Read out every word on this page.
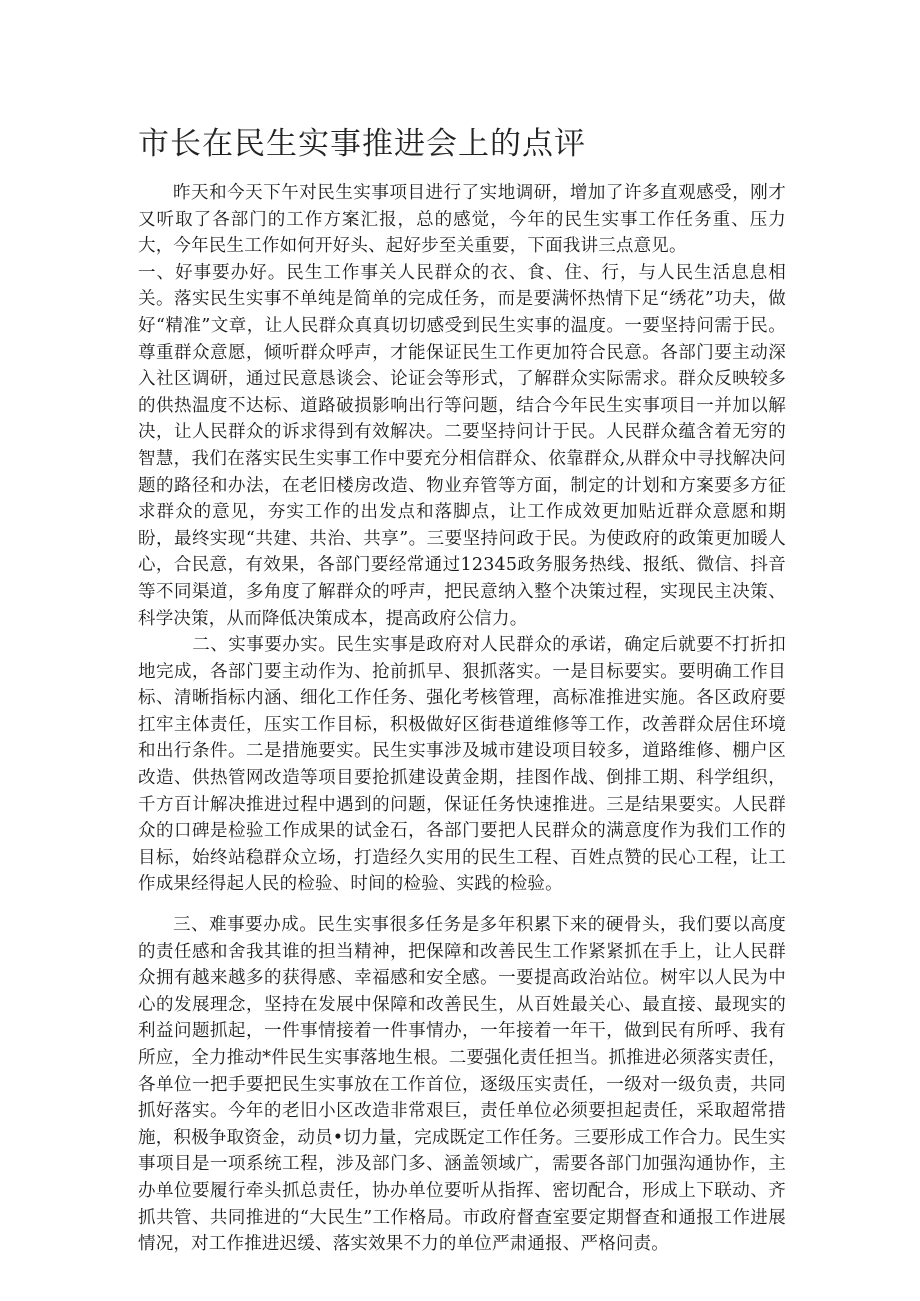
市长在民生实事推进会上的点评

昨天和今天下午对民生实事项目进行了实地调研，增加了许多直观感受，刚才又听取了各部门的工作方案汇报，总的感觉，今年的民生实事工作任务重、压力大，今年民生工作如何开好头、起好步至关重要，下面我讲三点意见。

一、好事要办好。民生工作事关人民群众的衣、食、住、行，与人民生活息息相关。落实民生实事不单纯是简单的完成任务，而是要满怀热情下足“绣花”功夫，做好“精准”文章，让人民群众真真切切感受到民生实事的温度。一要坚持问需于民。尊重群众意愿，倾听群众呼声，才能保证民生工作更加符合民意。各部门要主动深入社区调研，通过民意恳谈会、论证会等形式，了解群众实际需求。群众反映较多的供热温度不达标、道路破损影响出行等问题，结合今年民生实事项目一并加以解决，让人民群众的诉求得到有效解决。二要坚持问计于民。人民群众蕴含着无穷的智慧，我们在落实民生实事工作中要充分相信群众、依靠群众,从群众中寻找解决问题的路径和办法，在老旧楼房改造、物业弃管等方面，制定的计划和方案要多方征求群众的意见，夯实工作的出发点和落脚点，让工作成效更加贴近群众意愿和期盼，最终实现“共建、共治、共享”。三要坚持问政于民。为使政府的政策更加暖人心，合民意，有效果，各部门要经常通过12345政务服务热线、报纸、微信、抖音等不同渠道，多角度了解群众的呼声，把民意纳入整个决策过程，实现民主决策、科学决策，从而降低决策成本，提高政府公信力。

二、实事要办实。民生实事是政府对人民群众的承诺，确定后就要不打折扣地完成，各部门要主动作为、抢前抓早、狠抓落实。一是目标要实。要明确工作目标、清晰指标内涵、细化工作任务、强化考核管理，高标准推进实施。各区政府要扛牢主体责任，压实工作目标，积极做好区街巷道维修等工作，改善群众居住环境和出行条件。二是措施要实。民生实事涉及城市建设项目较多，道路维修、棚户区改造、供热管网改造等项目要抢抓建设黄金期，挂图作战、倒排工期、科学组织，千方百计解决推进过程中遇到的问题，保证任务快速推进。三是结果要实。人民群众的口碑是检验工作成果的试金石，各部门要把人民群众的满意度作为我们工作的目标，始终站稳群众立场，打造经久实用的民生工程、百姓点赞的民心工程，让工作成果经得起人民的检验、时间的检验、实践的检验。

三、难事要办成。民生实事很多任务是多年积累下来的硬骨头，我们要以高度的责任感和舍我其谁的担当精神，把保障和改善民生工作紧紧抓在手上，让人民群众拥有越来越多的获得感、幸福感和安全感。一要提高政治站位。树牢以人民为中心的发展理念，坚持在发展中保障和改善民生，从百姓最关心、最直接、最现实的利益问题抓起，一件事情接着一件事情办，一年接着一年干，做到民有所呼、我有所应，全力推动*件民生实事落地生根。二要强化责任担当。抓推进必须落实责任，各单位一把手要把民生实事放在工作首位，逐级压实责任，一级对一级负责，共同抓好落实。今年的老旧小区改造非常艰巨，责任单位必须要担起责任，采取超常措施，积极争取资金，动员•切力量，完成既定工作任务。三要形成工作合力。民生实事项目是一项系统工程，涉及部门多、涵盖领域广，需要各部门加强沟通协作，主办单位要履行牵头抓总责任，协办单位要听从指挥、密切配合，形成上下联动、齐抓共管、共同推进的“大民生”工作格局。市政府督查室要定期督查和通报工作进展情况，对工作推进迟缓、落实效果不力的单位严肃通报、严格问责。
